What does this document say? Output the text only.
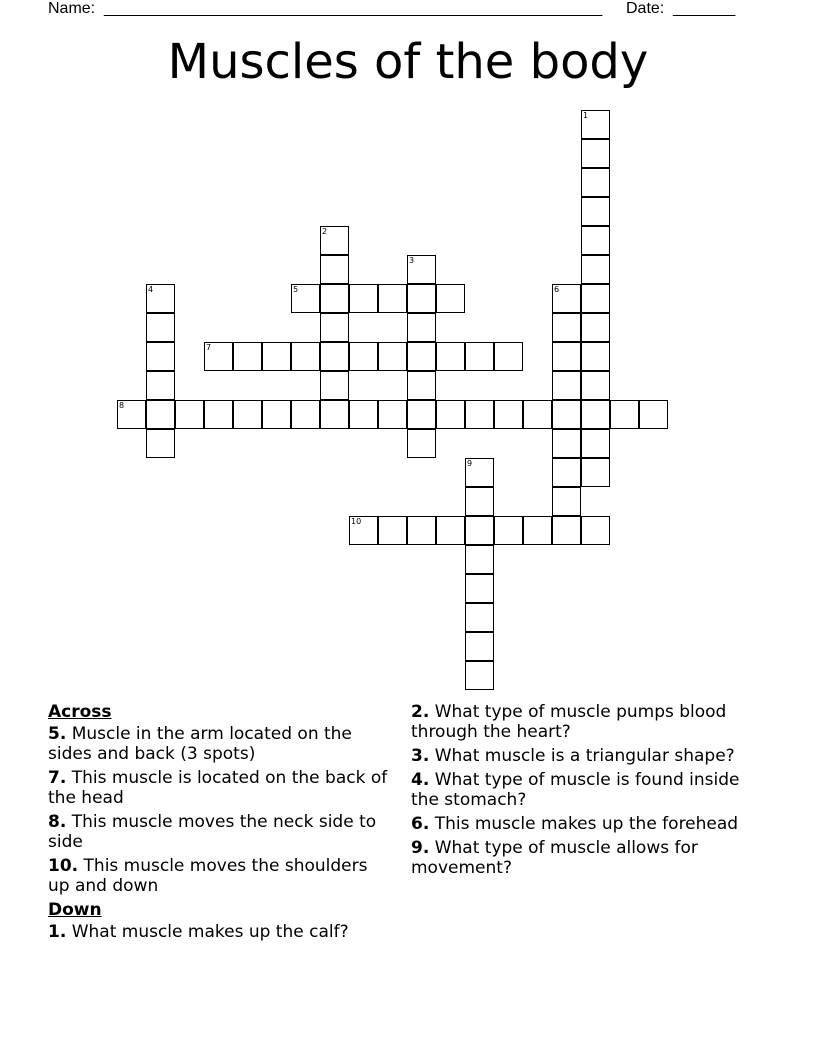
Name: ________________________________________________________ Date: _______
Muscles of the body
1
2
3
4	5	6
7
8
9
10
Across
5. Muscle in the arm located on the sides and back (3 spots)
7. This muscle is located on the back of the head
8. This muscle moves the neck side to side
10. This muscle moves the shoulders up and down
Down
1. What muscle makes up the calf?
2. What type of muscle pumps blood through the heart?
3. What muscle is a triangular shape?
4. What type of muscle is found inside the stomach?
6. This muscle makes up the forehead
9. What type of muscle allows for movement?
